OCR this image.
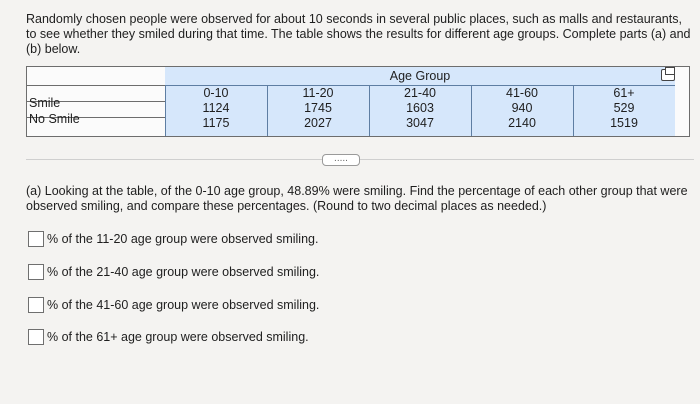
Randomly chosen people were observed for about 10 seconds in several public places, such as malls and restaurants, to see whether they smiled during that time. The table shows the results for different age groups. Complete parts (a) and (b) below.
Age Group
0-10
1124
1175
11-20
1745
2027
21-40
1603
3047
41-60
940
2140
61+
529
1519
Smile
No Smile
.....
(a) Looking at the table, of the 0-10 age group, 48.89% were smiling. Find the percentage of each other group that were observed smiling, and compare these percentages. (Round to two decimal places as needed.)
% of the 11-20 age group were observed smiling.
% of the 21-40 age group were observed smiling.
% of the 41-60 age group were observed smiling.
% of the 61+ age group were observed smiling.
